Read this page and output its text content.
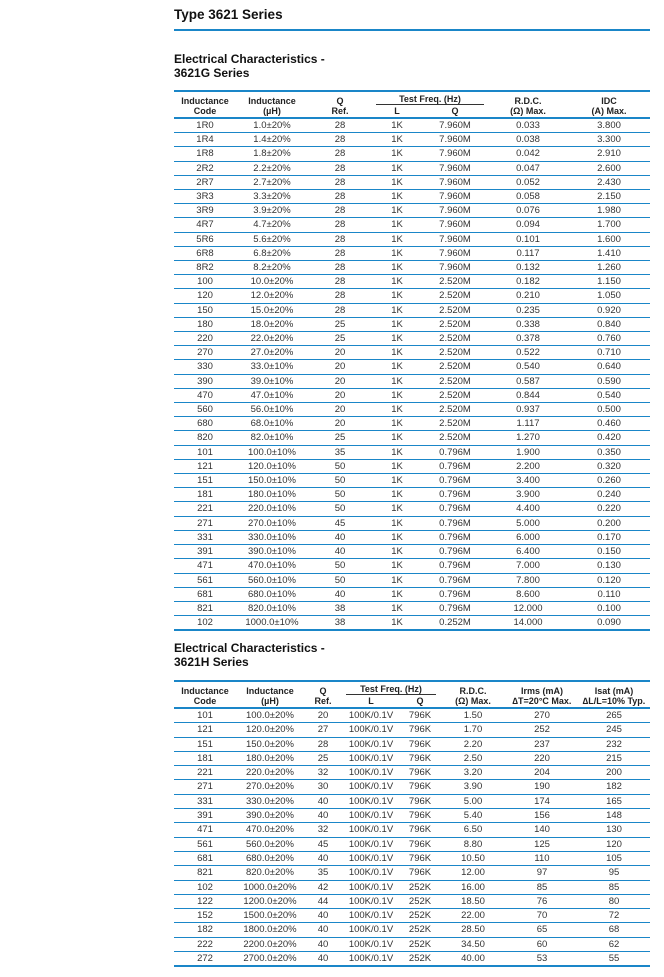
Type 3621 Series
Electrical Characteristics -
3621G Series
Inductance	Inductance	Q	Test Freq. (Hz)		R.D.C.	IDC
Code	(µH)	Ref.	L	Q	(Ω) Max.	(A) Max.
1R0	1.0±20%	28	1K	7.960M	0.033	3.800
1R4	1.4±20%	28	1K	7.960M	0.038	3.300
1R8	1.8±20%	28	1K	7.960M	0.042	2.910
2R2	2.2±20%	28	1K	7.960M	0.047	2.600
2R7	2.7±20%	28	1K	7.960M	0.052	2.430
3R3	3.3±20%	28	1K	7.960M	0.058	2.150
3R9	3.9±20%	28	1K	7.960M	0.076	1.980
4R7	4.7±20%	28	1K	7.960M	0.094	1.700
5R6	5.6±20%	28	1K	7.960M	0.101	1.600
6R8	6.8±20%	28	1K	7.960M	0.117	1.410
8R2	8.2±20%	28	1K	7.960M	0.132	1.260
100	10.0±20%	28	1K	2.520M	0.182	1.150
120	12.0±20%	28	1K	2.520M	0.210	1.050
150	15.0±20%	28	1K	2.520M	0.235	0.920
180	18.0±20%	25	1K	2.520M	0.338	0.840
220	22.0±20%	25	1K	2.520M	0.378	0.760
270	27.0±20%	20	1K	2.520M	0.522	0.710
330	33.0±10%	20	1K	2.520M	0.540	0.640
390	39.0±10%	20	1K	2.520M	0.587	0.590
470	47.0±10%	20	1K	2.520M	0.844	0.540
560	56.0±10%	20	1K	2.520M	0.937	0.500
680	68.0±10%	20	1K	2.520M	1.117	0.460
820	82.0±10%	25	1K	2.520M	1.270	0.420
101	100.0±10%	35	1K	0.796M	1.900	0.350
121	120.0±10%	50	1K	0.796M	2.200	0.320
151	150.0±10%	50	1K	0.796M	3.400	0.260
181	180.0±10%	50	1K	0.796M	3.900	0.240
221	220.0±10%	50	1K	0.796M	4.400	0.220
271	270.0±10%	45	1K	0.796M	5.000	0.200
331	330.0±10%	40	1K	0.796M	6.000	0.170
391	390.0±10%	40	1K	0.796M	6.400	0.150
471	470.0±10%	50	1K	0.796M	7.000	0.130
561	560.0±10%	50	1K	0.796M	7.800	0.120
681	680.0±10%	40	1K	0.796M	8.600	0.110
821	820.0±10%	38	1K	0.796M	12.000	0.100
102	1000.0±10%	38	1K	0.252M	14.000	0.090
Electrical Characteristics -
3621H Series
Inductance	Inductance	Q	Test Freq. (Hz)		R.D.C.	Irms (mA)	Isat (mA)
Code	(µH)	Ref.	L	Q	(Ω) Max.	∆T=20°C Max.	∆L/L=10% Typ.
101	100.0±20%	20	100K/0.1V	796K	1.50	270	265
121	120.0±20%	27	100K/0.1V	796K	1.70	252	245
151	150.0±20%	28	100K/0.1V	796K	2.20	237	232
181	180.0±20%	25	100K/0.1V	796K	2.50	220	215
221	220.0±20%	32	100K/0.1V	796K	3.20	204	200
271	270.0±20%	30	100K/0.1V	796K	3.90	190	182
331	330.0±20%	40	100K/0.1V	796K	5.00	174	165
391	390.0±20%	40	100K/0.1V	796K	5.40	156	148
471	470.0±20%	32	100K/0.1V	796K	6.50	140	130
561	560.0±20%	45	100K/0.1V	796K	8.80	125	120
681	680.0±20%	40	100K/0.1V	796K	10.50	110	105
821	820.0±20%	35	100K/0.1V	796K	12.00	97	95
102	1000.0±20%	42	100K/0.1V	252K	16.00	85	85
122	1200.0±20%	44	100K/0.1V	252K	18.50	76	80
152	1500.0±20%	40	100K/0.1V	252K	22.00	70	72
182	1800.0±20%	40	100K/0.1V	252K	28.50	65	68
222	2200.0±20%	40	100K/0.1V	252K	34.50	60	62
272	2700.0±20%	40	100K/0.1V	252K	40.00	53	55
